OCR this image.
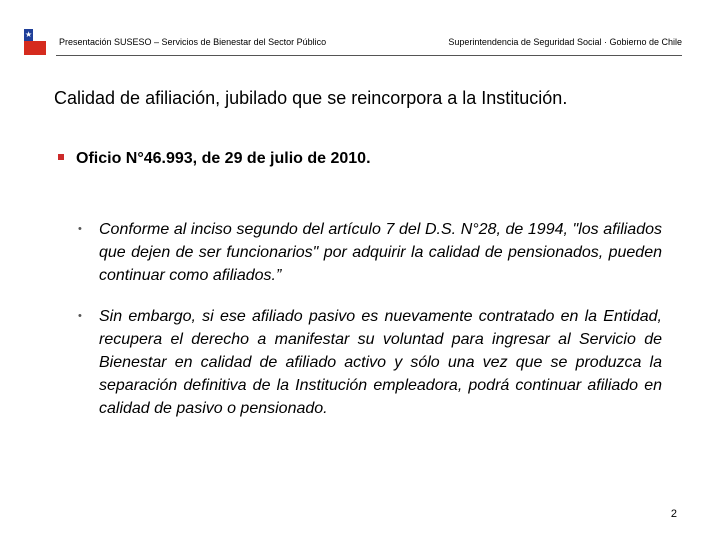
★
Presentación SUSESO – Servicios de Bienestar del Sector Público	Superintendencia de Seguridad Social · Gobierno de Chile
Calidad de afiliación, jubilado que se reincorpora a la Institución.
Oficio N°46.993, de 29 de julio de 2010.
• Conforme al inciso segundo del artículo 7 del D.S. N°28, de 1994, "los afiliados que dejen de ser funcionarios" por adquirir la calidad de pensionados, pueden continuar como afiliados.”
• Sin embargo, si ese afiliado pasivo es nuevamente contratado en la Entidad, recupera el derecho a manifestar su voluntad para ingresar al Servicio de Bienestar en calidad de afiliado activo y sólo una vez que se produzca la separación definitiva de la Institución empleadora, podrá continuar afiliado en calidad de pasivo o pensionado.
2
